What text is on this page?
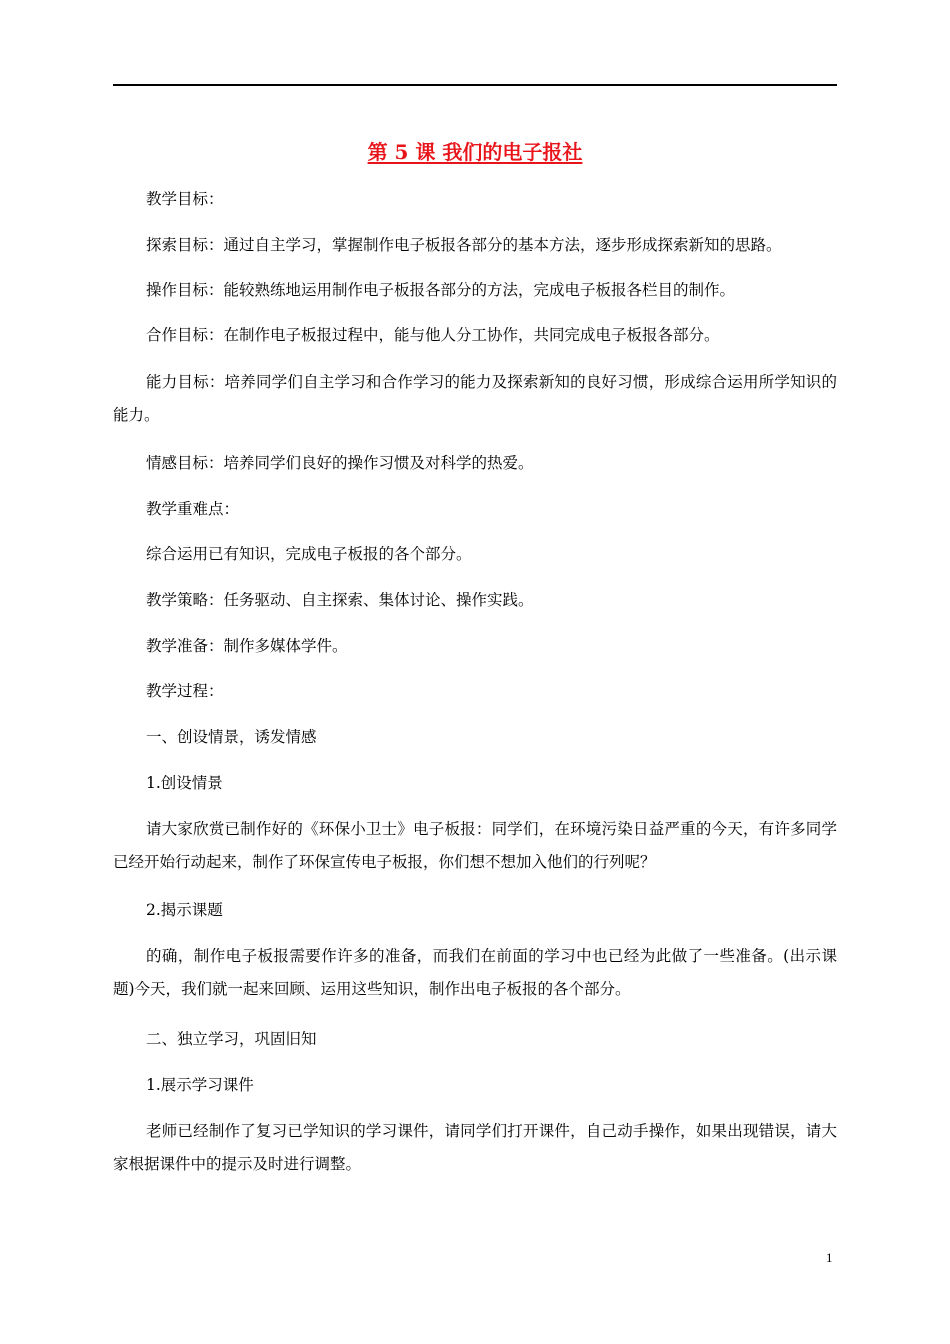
第 5 课 我们的电子报社
教学目标：
探索目标：通过自主学习，掌握制作电子板报各部分的基本方法，逐步形成探索新知的思路。
操作目标：能较熟练地运用制作电子板报各部分的方法，完成电子板报各栏目的制作。
合作目标：在制作电子板报过程中，能与他人分工协作，共同完成电子板报各部分。
能力目标：培养同学们自主学习和合作学习的能力及探索新知的良好习惯，形成综合运用所学知识的能力。
情感目标：培养同学们良好的操作习惯及对科学的热爱。
教学重难点：
综合运用已有知识，完成电子板报的各个部分。
教学策略：任务驱动、自主探索、集体讨论、操作实践。
教学准备：制作多媒体学件。
教学过程：
一、创设情景，诱发情感
1.创设情景
请大家欣赏已制作好的《环保小卫士》电子板报：同学们，在环境污染日益严重的今天，有许多同学已经开始行动起来，制作了环保宣传电子板报，你们想不想加入他们的行列呢？
2.揭示课题
的确，制作电子板报需要作许多的准备，而我们在前面的学习中也已经为此做了一些准备。(出示课题)今天，我们就一起来回顾、运用这些知识，制作出电子板报的各个部分。
二、独立学习，巩固旧知
1.展示学习课件
老师已经制作了复习已学知识的学习课件，请同学们打开课件，自己动手操作，如果出现错误，请大家根据课件中的提示及时进行调整。
1
